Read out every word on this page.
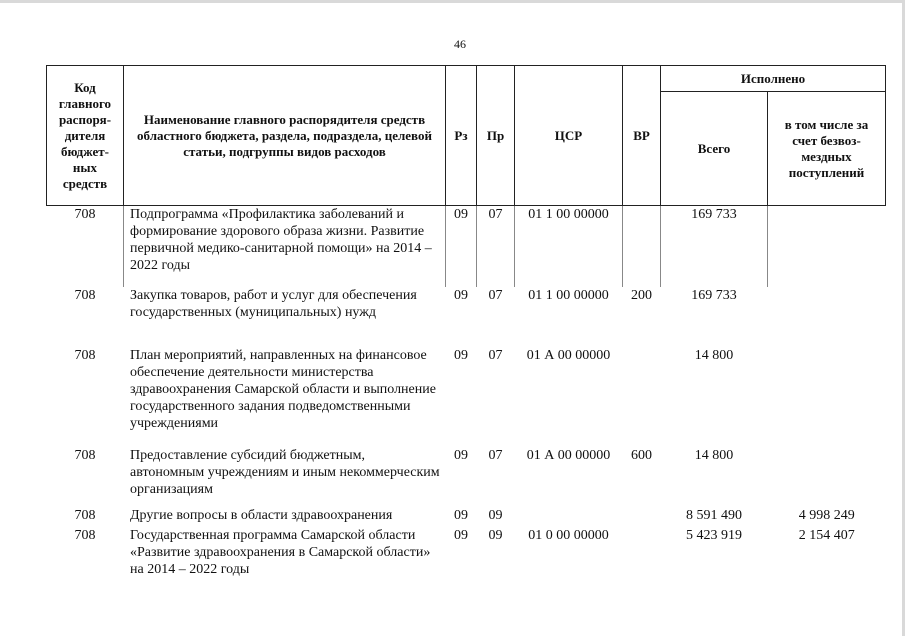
46
Код главного распоря-дителя бюджет-ных средств	Наименование главного распорядителя средств областного бюджета, раздела, подраздела, целевой статьи, подгруппы видов расходов	Рз	Пр	ЦСР	ВР	Исполнено	
						Всего	в том числе за счет безвоз-мездных поступлений
708	Подпрограмма «Профилактика заболеваний и формирование здорового образа жизни. Развитие первичной медико-санитарной помощи» на 2014 – 2022 годы	09	07	01 1 00 00000		169 733	
708	Закупка товаров, работ и услуг для обеспечения государственных (муниципальных) нужд	09	07	01 1 00 00000	200	169 733	
708	План мероприятий, направленных на финансовое обеспечение деятельности министерства здравоохранения Самарской области и выполнение государственного задания подведомственными учреждениями	09	07	01 А 00 00000		14 800	
708	Предоставление субсидий бюджетным, автономным учреждениям и иным некоммерческим организациям	09	07	01 А 00 00000	600	14 800	
708	Другие вопросы в области здравоохранения	09	09			8 591 490	4 998 249
708	Государственная программа Самарской области «Развитие здравоохранения в Самарской области» на 2014 – 2022 годы	09	09	01 0 00 00000		5 423 919	2 154 407
